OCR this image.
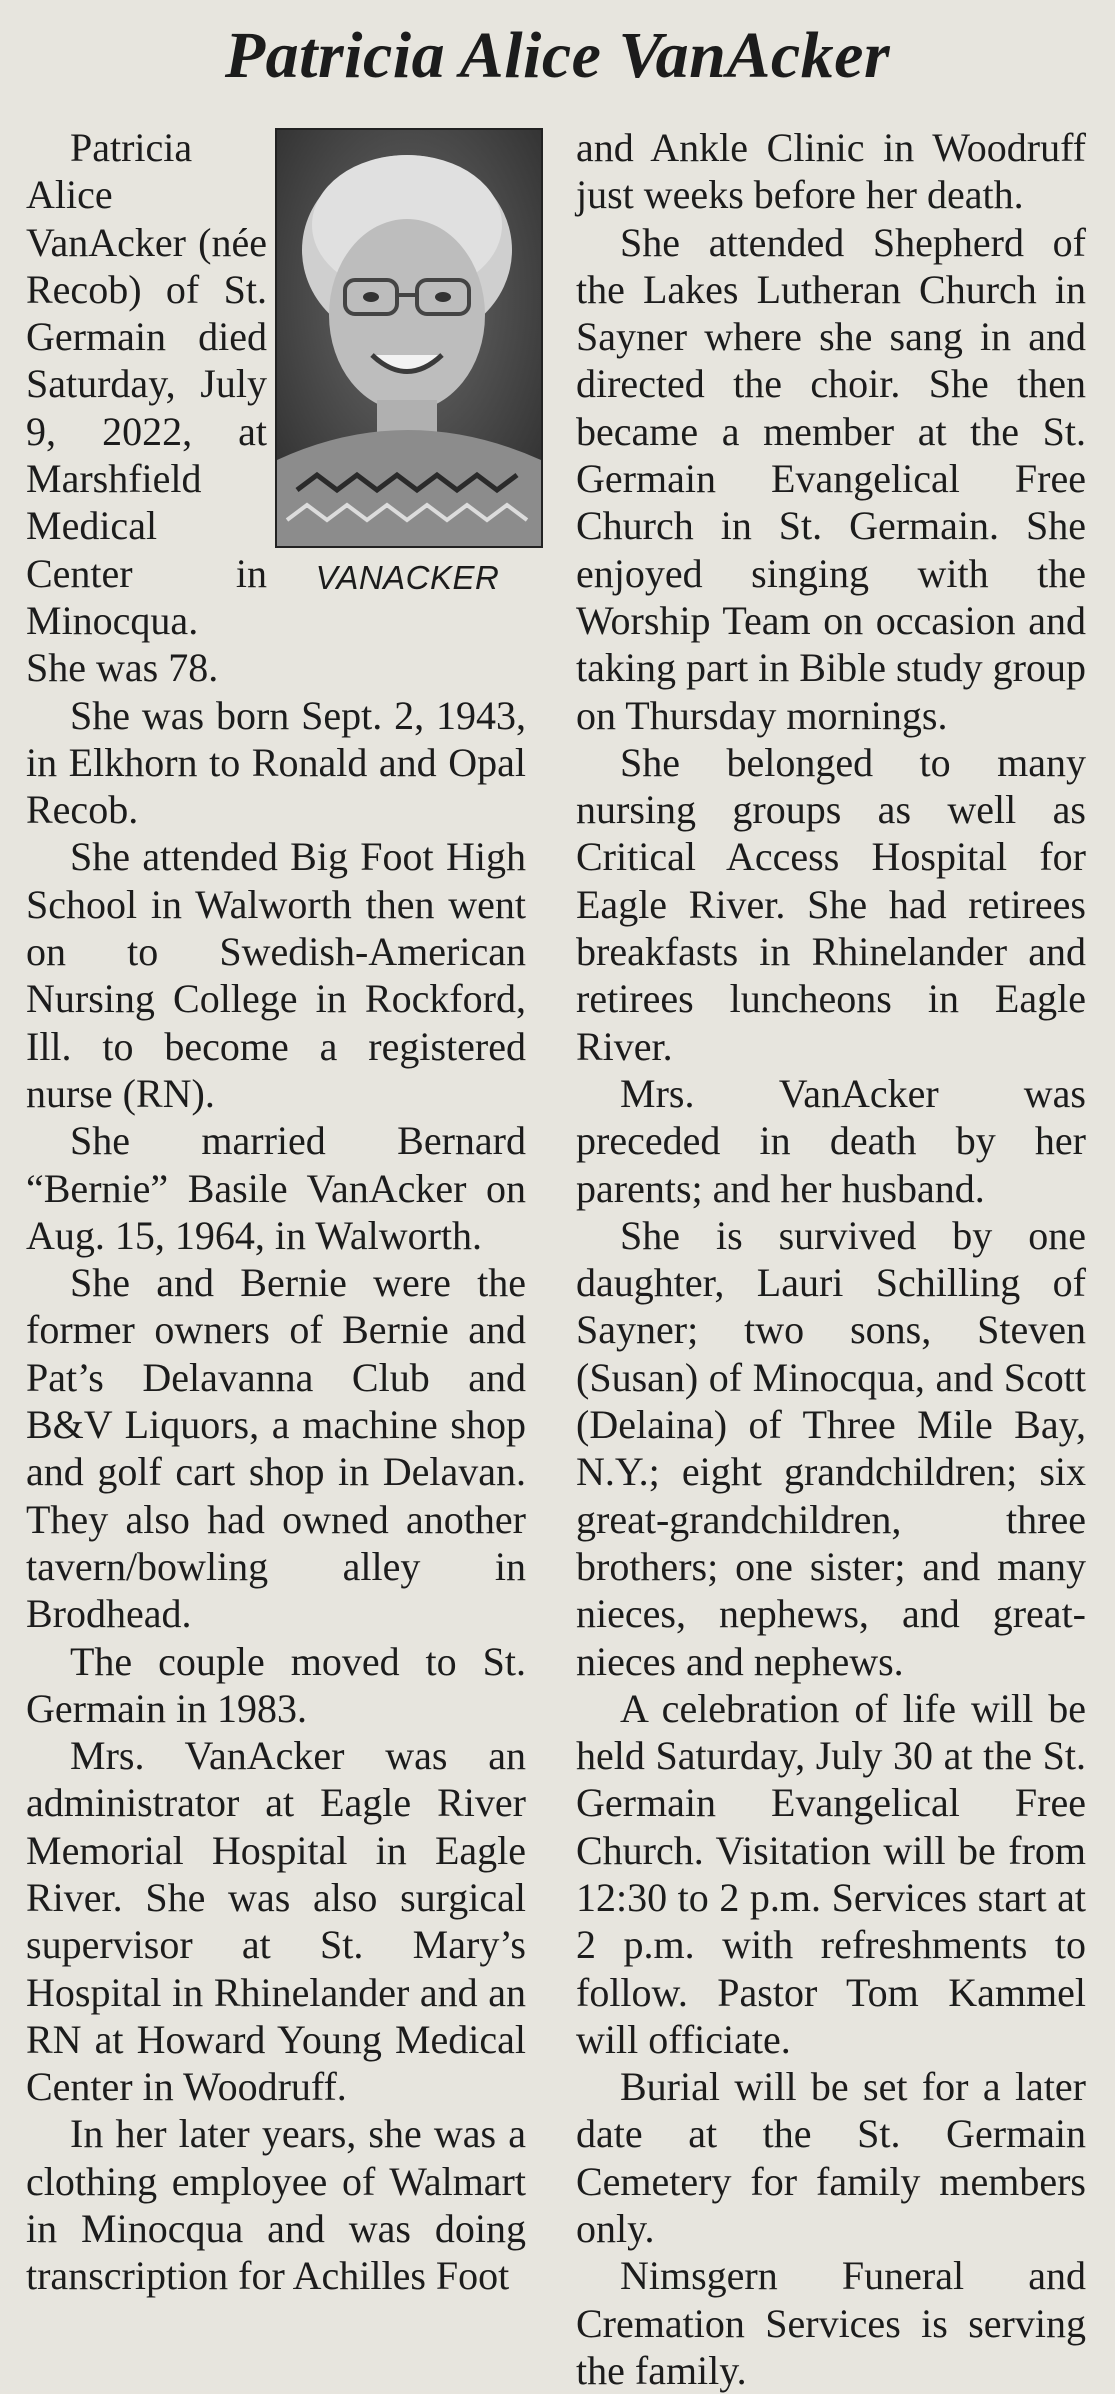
Patricia Alice VanAcker
VANACKER

Patricia Alice VanAcker (née Recob) of St. Germain died Saturday, July 9, 2022, at Marshfield Medical Center in Minocqua. She was 78.

She was born Sept. 2, 1943, in Elkhorn to Ronald and Opal Recob.

She attended Big Foot High School in Walworth then went on to Swedish-American Nursing College in Rockford, Ill. to become a registered nurse (RN).

She married Bernard “Bernie” Basile VanAcker on Aug. 15, 1964, in Walworth.

She and Bernie were the former owners of Bernie and Pat’s Delavanna Club and B&V Liquors, a machine shop and golf cart shop in Delavan. They also had owned another tavern/bowling alley in Brodhead.

The couple moved to St. Germain in 1983.

Mrs. VanAcker was an administrator at Eagle River Memorial Hospital in Eagle River. She was also surgical supervisor at St. Mary’s Hospital in Rhinelander and an RN at Howard Young Medical Center in Woodruff.

In her later years, she was a clothing employee of Walmart in Minocqua and was doing transcription for Achilles Foot

and Ankle Clinic in Woodruff just weeks before her death.

She attended Shepherd of the Lakes Lutheran Church in Sayner where she sang in and directed the choir. She then became a member at the St. Germain Evangelical Free Church in St. Germain. She enjoyed singing with the Worship Team on occasion and taking part in Bible study group on Thursday mornings.

She belonged to many nursing groups as well as Critical Access Hospital for Eagle River. She had retirees breakfasts in Rhinelander and retirees luncheons in Eagle River.

Mrs. VanAcker was preceded in death by her parents; and her husband.

She is survived by one daughter, Lauri Schilling of Sayner; two sons, Steven (Susan) of Minocqua, and Scott (Delaina) of Three Mile Bay, N.Y.; eight grandchildren; six great-grandchildren, three brothers; one sister; and many nieces, nephews, and great-nieces and nephews.

A celebration of life will be held Saturday, July 30 at the St. Germain Evangelical Free Church. Visitation will be from 12:30 to 2 p.m. Services start at 2 p.m. with refreshments to follow. Pastor Tom Kammel will officiate.

Burial will be set for a later date at the St. Germain Cemetery for family members only.

Nimsgern Funeral and Cremation Services is serving the family.
